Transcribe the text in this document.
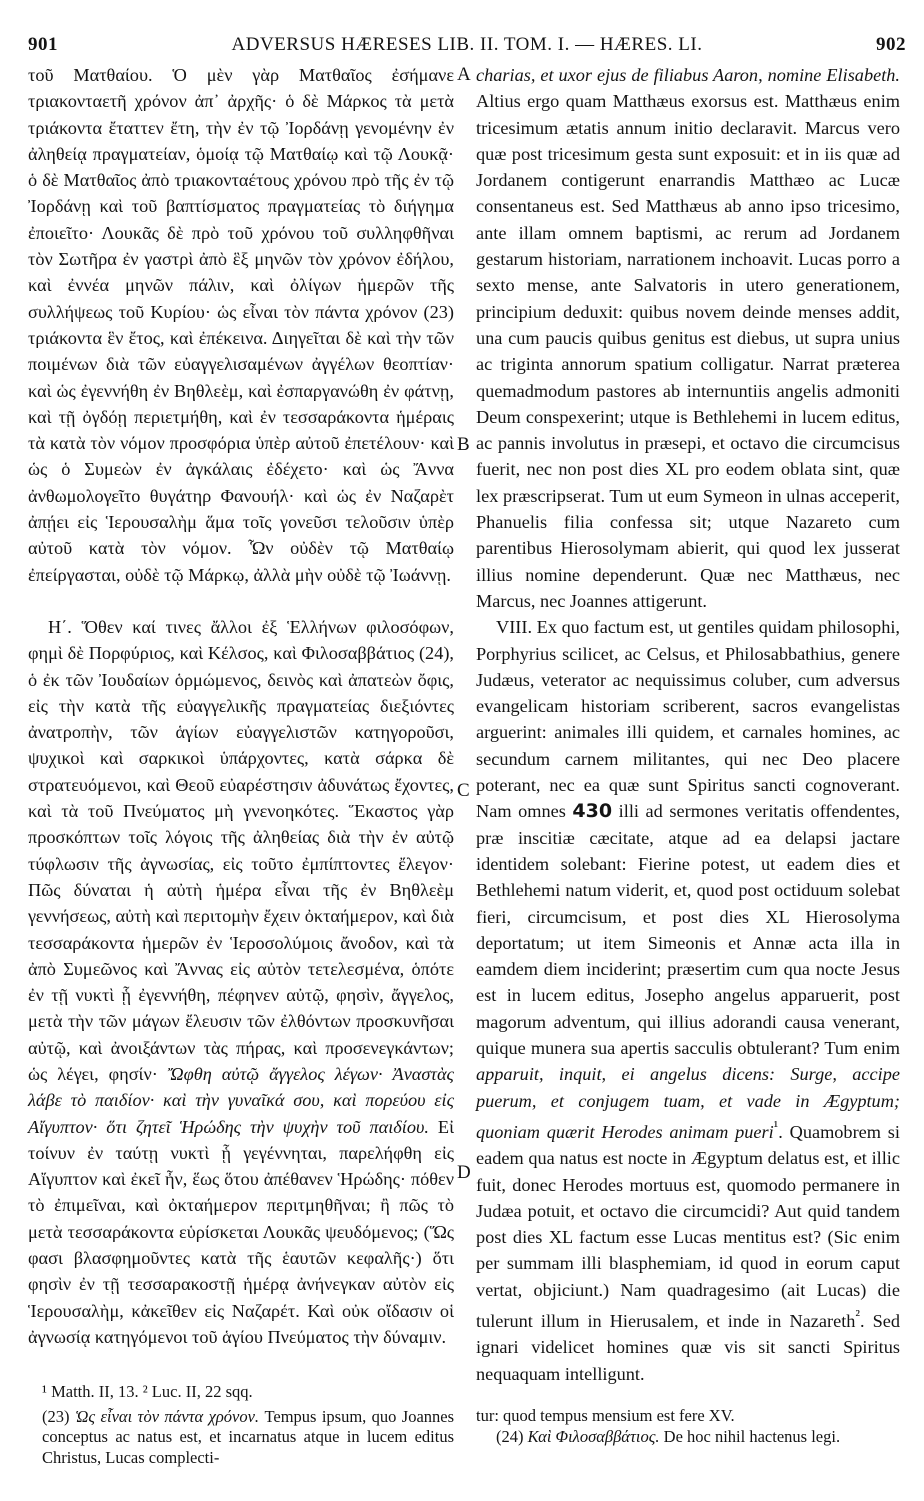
901	ADVERSUS HÆRESES LIB. II. TOM. I. — HÆRES. LI.	902

τοῦ Ματθαίου. Ὁ μὲν γὰρ Ματθαῖος ἐσήμανε τριακονταετῆ χρόνον ἀπ᾽ ἀρχῆς· ὁ δὲ Μάρκος τὰ μετὰ τριάκοντα ἔταττεν ἔτη, τὴν ἐν τῷ Ἰορδάνῃ γενομένην ἐν ἀληθείᾳ πραγματείαν, ὁμοίᾳ τῷ Ματθαίῳ καὶ τῷ Λουκᾷ· ὁ δὲ Ματθαῖος ἀπὸ τριακονταέτους χρόνου πρὸ τῆς ἐν τῷ Ἰορδάνῃ καὶ τοῦ βαπτίσματος πραγματείας τὸ διήγημα ἐποιεῖτο· Λουκᾶς δὲ πρὸ τοῦ χρόνου τοῦ συλληφθῆναι τὸν Σωτῆρα ἐν γαστρὶ ἀπὸ ἓξ μηνῶν τὸν χρόνον ἐδήλου, καὶ ἐννέα μηνῶν πάλιν, καὶ ὀλίγων ἡμερῶν τῆς συλλήψεως τοῦ Κυρίου· ὡς εἶναι τὸν πάντα χρόνον (23) τριάκοντα ἓν ἔτος, καὶ ἐπέκεινα. Διηγεῖται δὲ καὶ τὴν τῶν ποιμένων διὰ τῶν εὐαγγελισαμένων ἀγγέλων θεοπτίαν· καὶ ὡς ἐγεννήθη ἐν Βηθλεὲμ, καὶ ἐσπαργανώθη ἐν φάτνῃ, καὶ τῇ ὀγδόῃ περιετμήθη, καὶ ἐν τεσσαράκοντα ἡμέραις τὰ κατὰ τὸν νόμον προσφόρια ὑπὲρ αὐτοῦ ἐπετέλουν· καὶ ὡς ὁ Συμεὼν ἐν ἀγκάλαις ἐδέχετο· καὶ ὡς Ἄννα ἀνθωμολογεῖτο θυγάτηρ Φανουήλ· καὶ ὡς ἐν Ναζαρὲτ ἀπῄει εἰς Ἱερουσαλὴμ ἅμα τοῖς γονεῦσι τελοῦσιν ὑπὲρ αὐτοῦ κατὰ τὸν νόμον. Ὧν οὐδὲν τῷ Ματθαίῳ ἐπείργασται, οὐδὲ τῷ Μάρκῳ, ἀλλὰ μὴν οὐδὲ τῷ Ἰωάννῃ.

Η΄. Ὅθεν καί τινες ἄλλοι ἐξ Ἑλλήνων φιλοσόφων, φημὶ δὲ Πορφύριος, καὶ Κέλσος, καὶ Φιλοσαββάτιος (24), ὁ ἐκ τῶν Ἰουδαίων ὁρμώμενος, δεινὸς καὶ ἀπατεὼν ὄφις, εἰς τὴν κατὰ τῆς εὐαγγελικῆς πραγματείας διεξιόντες ἀνατροπὴν, τῶν ἁγίων εὐαγγελιστῶν κατηγοροῦσι, ψυχικοὶ καὶ σαρκικοὶ ὑπάρχοντες, κατὰ σάρκα δὲ στρατευόμενοι, καὶ Θεοῦ εὐαρέστησιν ἀδυνάτως ἔχοντες, καὶ τὰ τοῦ Πνεύματος μὴ γνενοηκότες. Ἕκαστος γὰρ προσκόπτων τοῖς λόγοις τῆς ἀληθείας διὰ τὴν ἐν αὐτῷ τύφλωσιν τῆς ἀγνωσίας, εἰς τοῦτο ἐμπίπτοντες ἔλεγον· Πῶς δύναται ἡ αὐτὴ ἡμέρα εἶναι τῆς ἐν Βηθλεὲμ γεννήσεως, αὐτὴ καὶ περιτομὴν ἔχειν ὀκταήμερον, καὶ διὰ τεσσαράκοντα ἡμερῶν ἐν Ἱεροσολύμοις ἄνοδον, καὶ τὰ ἀπὸ Συμεῶνος καὶ Ἄννας εἰς αὐτὸν τετελεσμένα, ὁπότε ἐν τῇ νυκτὶ ᾗ ἐγεννήθη, πέφηνεν αὐτῷ, φησὶν, ἄγγελος, μετὰ τὴν τῶν μάγων ἔλευσιν τῶν ἐλθόντων προσκυνῆσαι αὐτῷ, καὶ ἀνοιξάντων τὰς πήρας, καὶ προσενεγκάντων; ὡς λέγει, φησίν· Ὤφθη αὐτῷ ἄγγελος λέγων· Ἀναστὰς λάβε τὸ παιδίον· καὶ τὴν γυναῖκά σου, καὶ πορεύου εἰς Αἴγυπτον· ὅτι ζητεῖ Ἡρώδης τὴν ψυχὴν τοῦ παιδίου. Εἰ τοίνυν ἐν ταύτῃ νυκτὶ ᾗ γεγέννηται, παρελήφθη εἰς Αἴγυπτον καὶ ἐκεῖ ἦν, ἕως ὅτου ἀπέθανεν Ἡρώδης· πόθεν τὸ ἐπιμεῖναι, καὶ ὀκταήμερον περιτμηθῆναι; ἢ πῶς τὸ μετὰ τεσσαράκοντα εὑρίσκεται Λουκᾶς ψευδόμενος; (Ὥς φασι βλασφημοῦντες κατὰ τῆς ἑαυτῶν κεφαλῆς·) ὅτι φησὶν ἐν τῇ τεσσαρακοστῇ ἡμέρᾳ ἀνήνεγκαν αὐτὸν εἰς Ἱερουσαλὴμ, κἀκεῖθεν εἰς Ναζαρέτ. Καὶ οὐκ οἴδασιν οἱ ἀγνωσίᾳ κατηγόμενοι τοῦ ἁγίου Πνεύματος τὴν δύναμιν.

A
B
C
D

charias, et uxor ejus de filiabus Aaron, nomine Elisabeth. Altius ergo quam Matthæus exorsus est. Matthæus enim tricesimum ætatis annum initio declaravit. Marcus vero quæ post tricesimum gesta sunt exposuit: et in iis quæ ad Jordanem contigerunt enarrandis Matthæo ac Lucæ consentaneus est. Sed Matthæus ab anno ipso tricesimo, ante illam omnem baptismi, ac rerum ad Jordanem gestarum historiam, narrationem inchoavit. Lucas porro a sexto mense, ante Salvatoris in utero generationem, principium deduxit: quibus novem deinde menses addit, una cum paucis quibus genitus est diebus, ut supra unius ac triginta annorum spatium colligatur. Narrat præterea quemadmodum pastores ab internuntiis angelis admoniti Deum conspexerint; utque is Bethlehemi in lucem editus, ac pannis involutus in præsepi, et octavo die circumcisus fuerit, nec non post dies XL pro eodem oblata sint, quæ lex præscripserat. Tum ut eum Symeon in ulnas acceperit, Phanuelis filia confessa sit; utque Nazareto cum parentibus Hierosolymam abierit, qui quod lex jusserat illius nomine dependerunt. Quæ nec Matthæus, nec Marcus, nec Joannes attigerunt.

VIII. Ex quo factum est, ut gentiles quidam philosophi, Porphyrius scilicet, ac Celsus, et Philosabbathius, genere Judæus, veterator ac nequissimus coluber, cum adversus evangelicam historiam scriberent, sacros evangelistas arguerint: animales illi quidem, et carnales homines, ac secundum carnem militantes, qui nec Deo placere poterant, nec ea quæ sunt Spiritus sancti cognoverant. Nam omnes 430 illi ad sermones veritatis offendentes, præ inscitiæ cæcitate, atque ad ea delapsi jactare identidem solebant: Fierine potest, ut eadem dies et Bethlehemi natum viderit, et, quod post octiduum solebat fieri, circumcisum, et post dies XL Hierosolyma deportatum; ut item Simeonis et Annæ acta illa in eamdem diem inciderint; præsertim cum qua nocte Jesus est in lucem editus, Josepho angelus apparuerit, post magorum adventum, qui illius adorandi causa venerant, quique munera sua apertis sacculis obtulerant? Tum enim apparuit, inquit, ei angelus dicens: Surge, accipe puerum, et conjugem tuam, et vade in Ægyptum; quoniam quærit Herodes animam pueri$^{^1}$. Quamobrem si eadem qua natus est nocte in Ægyptum delatus est, et illic fuit, donec Herodes mortuus est, quomodo permanere in Judæa potuit, et octavo die circumcidi? Aut quid tandem post dies XL factum esse Lucas mentitus est? (Sic enim per summam illi blasphemiam, id quod in eorum caput vertat, objiciunt.) Nam quadragesimo (ait Lucas) die tulerunt illum in Hierusalem, et inde in Nazareth$^{^2}$. Sed ignari videlicet homines quæ vis sit sancti Spiritus nequaquam intelligunt.

¹ Matth. II, 13. ² Luc. II, 22 sqq.

(23) Ὡς εἶναι τὸν πάντα χρόνον. Tempus ipsum, quo Joannes conceptus ac natus est, et incarnatus atque in lucem editus Christus, Lucas complecti-

tur: quod tempus mensium est fere XV.

(24) Καὶ Φιλοσαββάτιος. De hoc nihil hactenus legi.
